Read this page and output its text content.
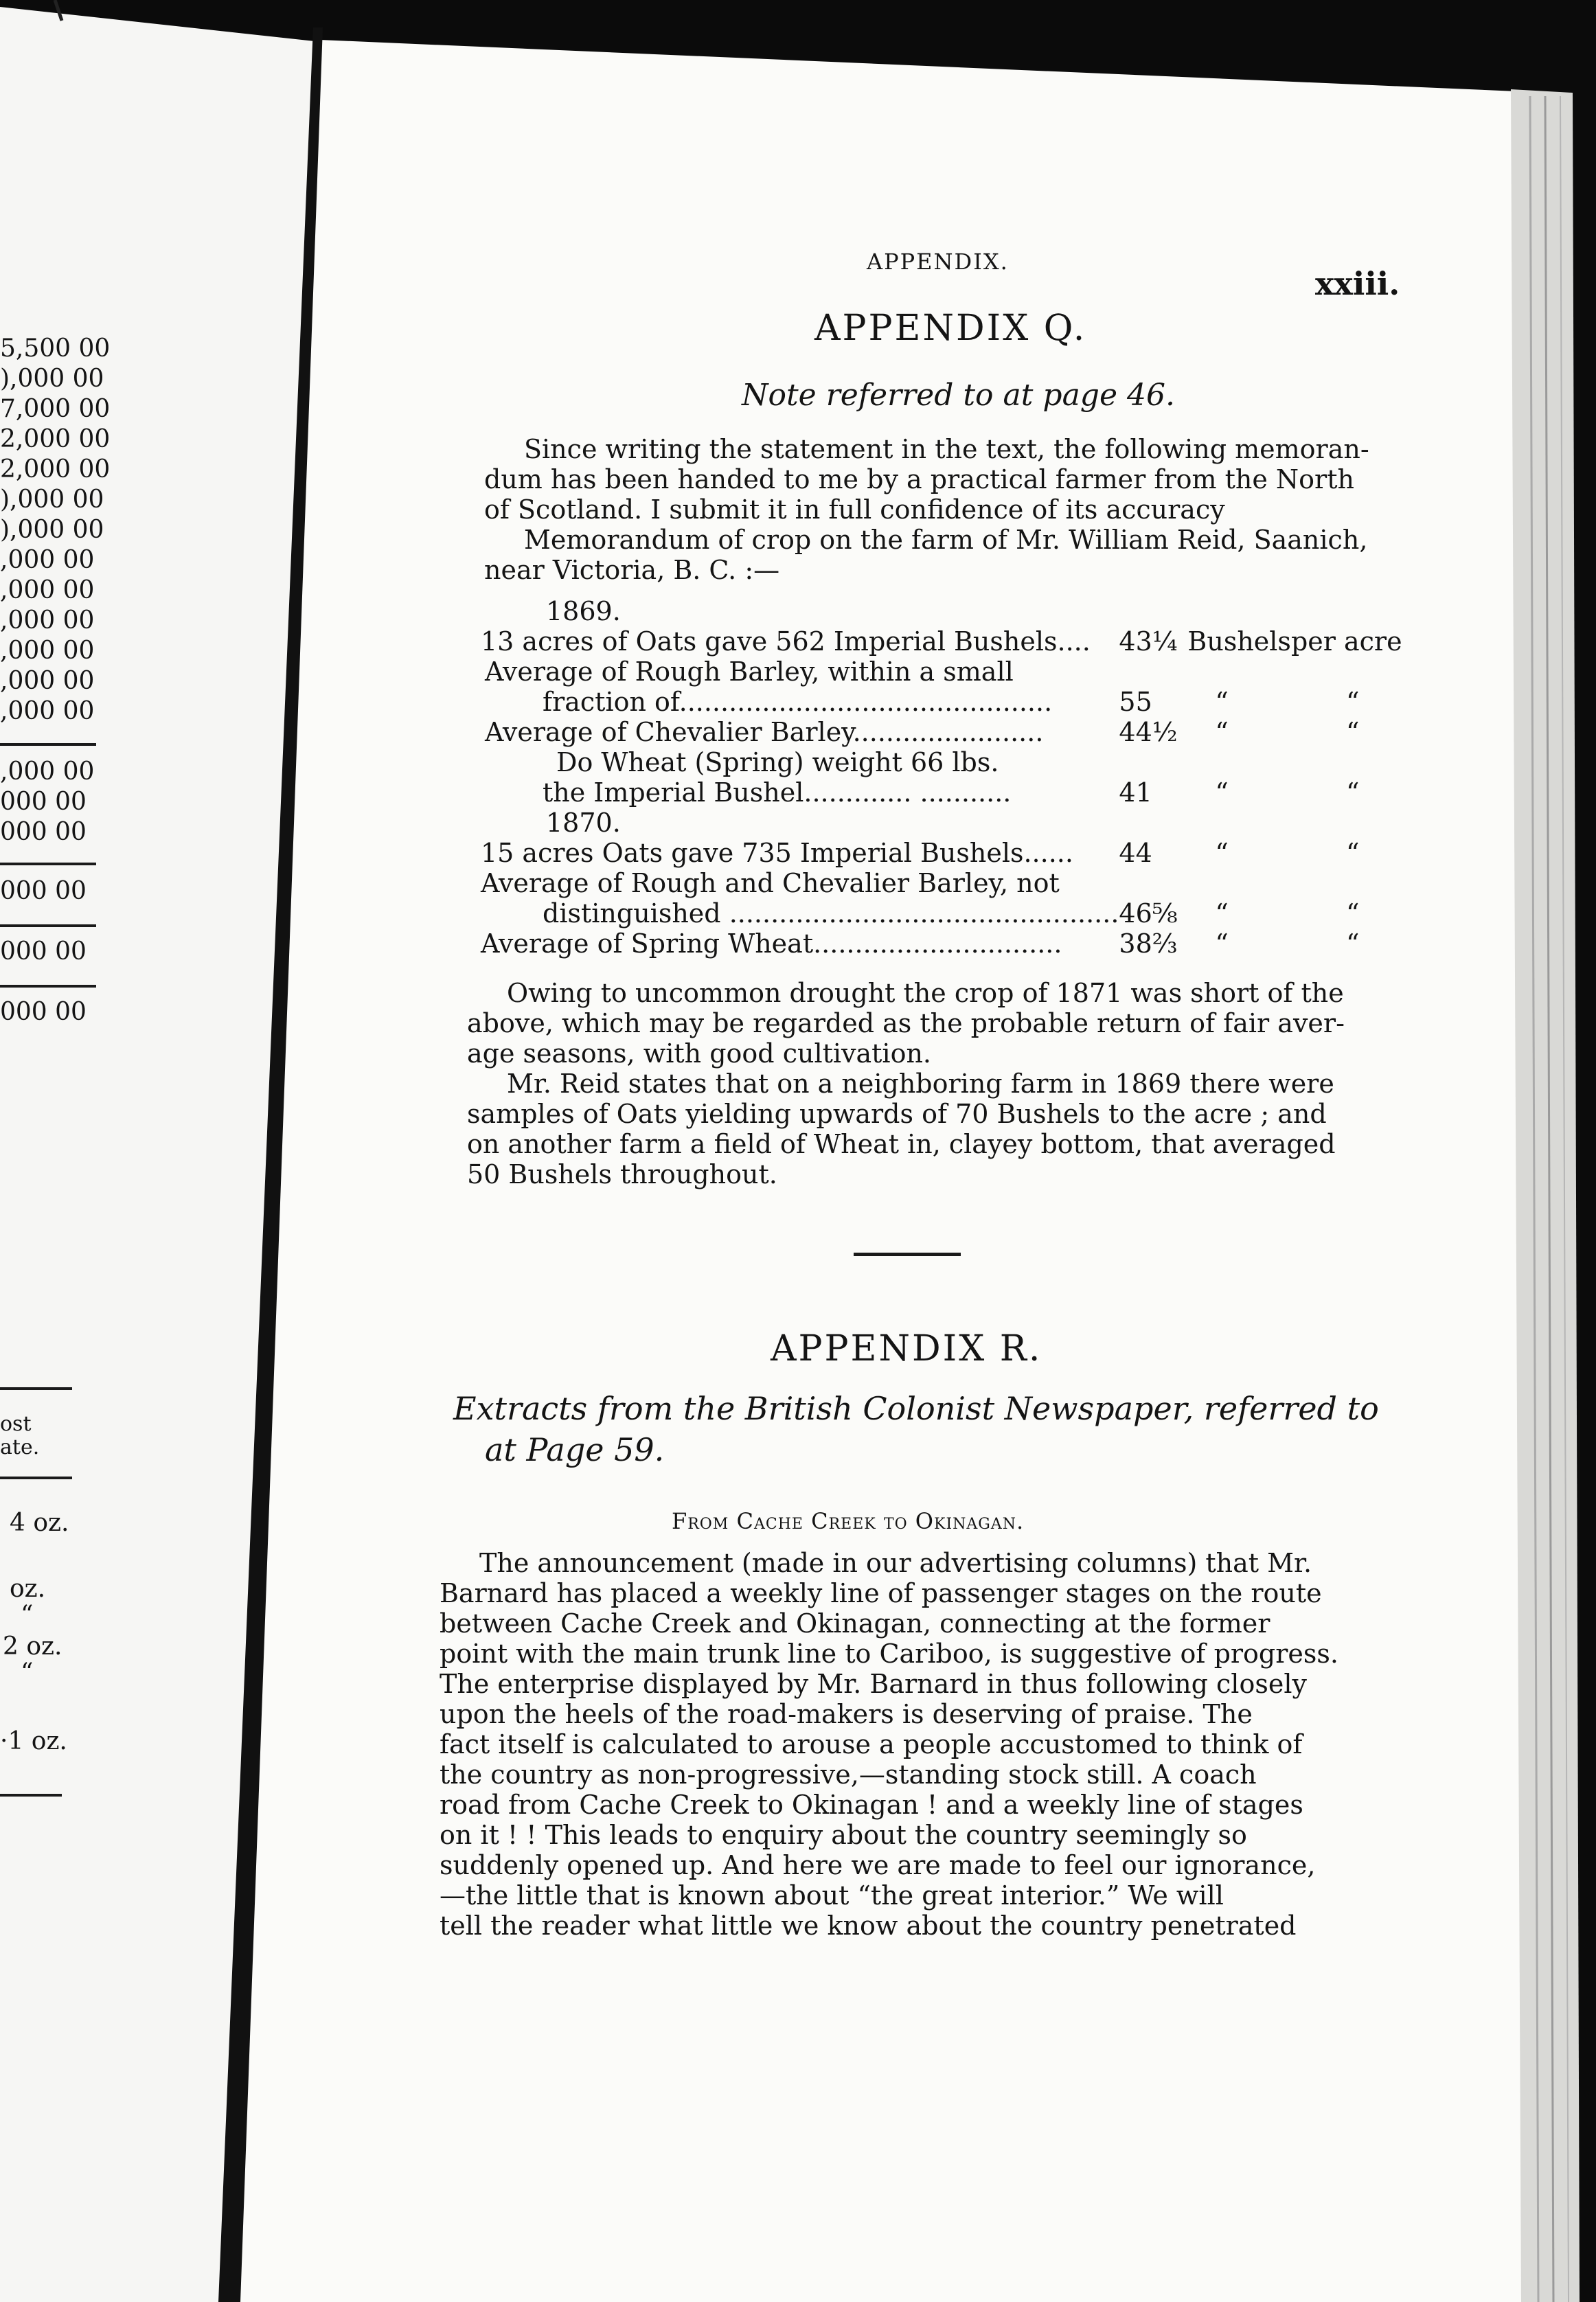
5,500 00
),000 00
7,000 00
2,000 00
2,000 00
),000 00
),000 00
,000 00
,000 00
,000 00
,000 00
,000 00
,000 00
,000 00
000 00
000 00
000 00
000 00
000 00
ost
ate.
4 oz.
oz.
“
2 oz.
“
·1 oz.
APPENDIX.
xxiii.
APPENDIX Q.
Note referred to at page 46.
Since writing the statement in the text, the following memoran-
dum has been handed to me by a practical farmer from the North
of Scotland. I submit it in full confidence of its accuracy
Memorandum of crop on the farm of Mr. William Reid, Saanich,
near Victoria, B. C. :—
1869.
13 acres of Oats gave 562 Imperial Bushels....	43¼	Bushels	per acre
Average of Rough Barley, within a small			
fraction of.............................................	55	“	“
Average of Chevalier Barley.......................	44½	“	“
Do Wheat (Spring) weight 66 lbs.			
the Imperial Bushel............. ...........	41	“	“
1870.			
15 acres Oats gave 735 Imperial Bushels......	44	“	“
Average of Rough and Chevalier Barley, not			
distinguished ...............................................	46⅝	“	“
Average of Spring Wheat..............................	38⅔	“	“
Owing to uncommon drought the crop of 1871 was short of the
above, which may be regarded as the probable return of fair aver-
age seasons, with good cultivation.
Mr. Reid states that on a neighboring farm in 1869 there were
samples of Oats yielding upwards of 70 Bushels to the acre ; and
on another farm a field of Wheat in, clayey bottom, that averaged
50 Bushels throughout.
APPENDIX R.
Extracts from the British Colonist Newspaper, referred to
at Page 59.
From Cache Creek to Okinagan.
The announcement (made in our advertising columns) that Mr.
Barnard has placed a weekly line of passenger stages on the route
between Cache Creek and Okinagan, connecting at the former
point with the main trunk line to Cariboo, is suggestive of progress.
The enterprise displayed by Mr. Barnard in thus following closely
upon the heels of the road-makers is deserving of praise. The
fact itself is calculated to arouse a people accustomed to think of
the country as non-progressive,—standing stock still. A coach
road from Cache Creek to Okinagan ! and a weekly line of stages
on it ! ! This leads to enquiry about the country seemingly so
suddenly opened up. And here we are made to feel our ignorance,
—the little that is known about “the great interior.” We will
tell the reader what little we know about the country penetrated
